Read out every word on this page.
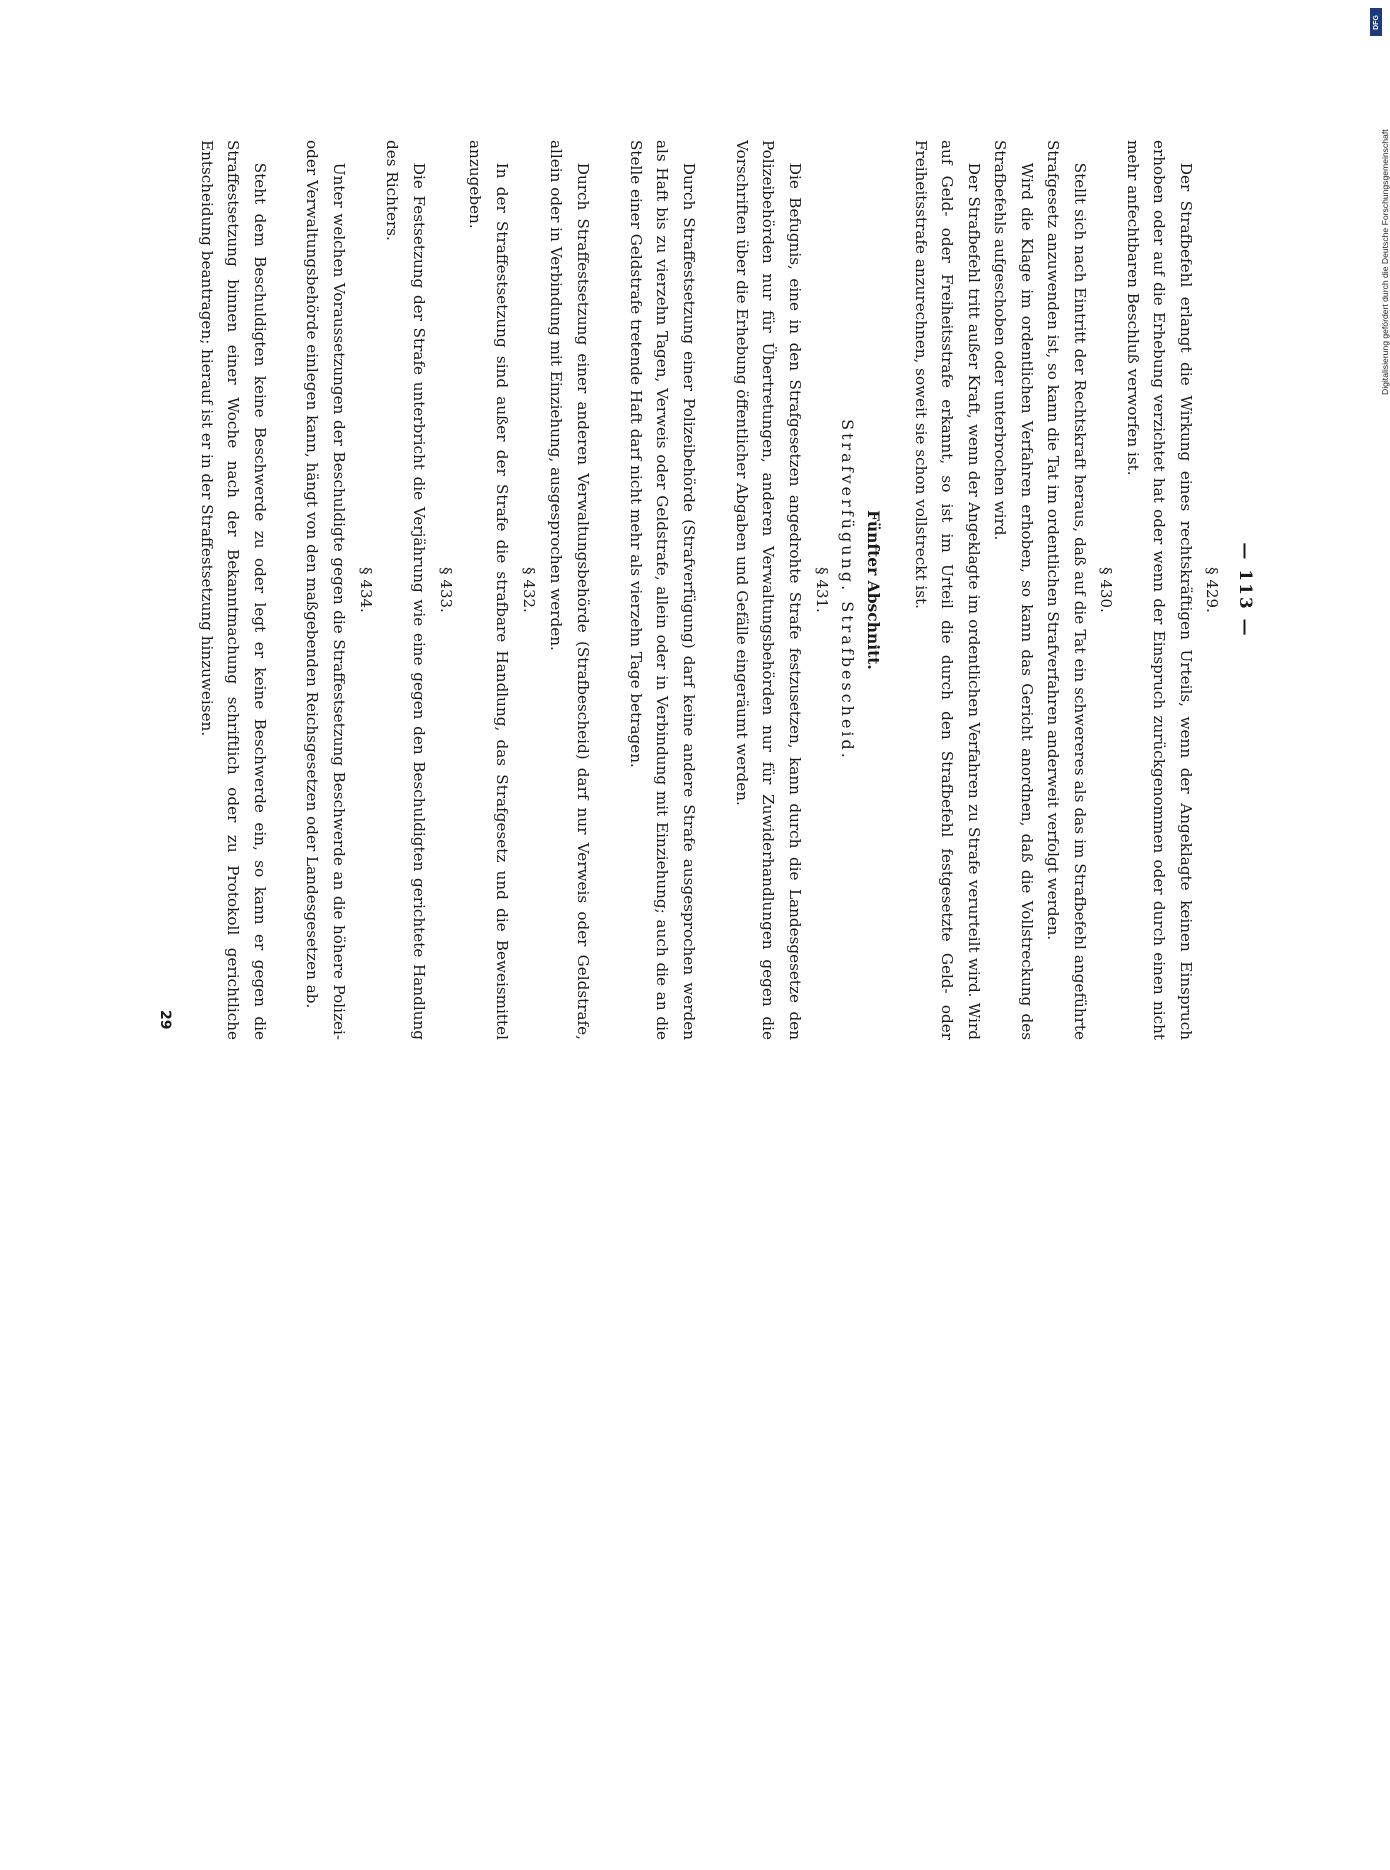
— 113 —
§ 429.
Der Strafbefehl erlangt die Wirkung eines rechtskräftigen Urteils, wenn der Angeklagte keinen Einspruch erhoben oder auf die Erhebung verzichtet hat oder wenn der Einspruch zurückgenommen oder durch einen nicht mehr anfechtbaren Beschluß verworfen ist.
§ 430.
Stellt sich nach Eintritt der Rechtskraft heraus, daß auf die Tat ein schwereres als das im Strafbefehl angeführte Strafgesetz anzuwenden ist, so kann die Tat im ordentlichen Strafverfahren anderweit verfolgt werden.
Wird die Klage im ordentlichen Verfahren erhoben, so kann das Gericht anordnen, daß die Vollstreckung des Strafbefehls aufgeschoben oder unterbrochen wird.
Der Strafbefehl tritt außer Kraft, wenn der Angeklagte im ordentlichen Verfahren zu Strafe verurteilt wird. Wird auf Geld- oder Freiheitsstrafe erkannt, so ist im Urteil die durch den Strafbefehl festgesetzte Geld- oder Freiheitsstrafe anzurechnen, soweit sie schon vollstreckt ist.
Fünfter Abschnitt.
Strafverfügung. Strafbescheid.
§ 431.
Die Befugnis, eine in den Strafgesetzen angedrohte Strafe festzusetzen, kann durch die Landesgesetze den Polizeibehörden nur für Übertretungen, anderen Verwaltungsbehörden nur für Zuwiderhandlungen gegen die Vorschriften über die Erhebung öffentlicher Abgaben und Gefälle eingeräumt werden.
Durch Straffestsetzung einer Polizeibehörde (Strafverfügung) darf keine andere Strafe ausgesprochen werden als Haft bis zu vierzehn Tagen, Verweis oder Geldstrafe, allein oder in Verbindung mit Einziehung; auch die an die Stelle einer Geldstrafe tretende Haft darf nicht mehr als vierzehn Tage betragen.
Durch Straffestsetzung einer anderen Verwaltungsbehörde (Strafbescheid) darf nur Verweis oder Geldstrafe, allein oder in Verbindung mit Einziehung, ausgesprochen werden.
§ 432.
In der Straffestsetzung sind außer der Strafe die strafbare Handlung, das Strafgesetz und die Beweismittel anzugeben.
§ 433.
Die Festsetzung der Strafe unterbricht die Verjährung wie eine gegen den Beschuldigten gerichtete Handlung des Richters.
§ 434.
Unter welchen Voraussetzungen der Beschuldigte gegen die Straffestsetzung Beschwerde an die höhere Polizei- oder Verwaltungsbehörde einlegen kann, hängt von den maßgebenden Reichsgesetzen oder Landesgesetzen ab.
Steht dem Beschuldigten keine Beschwerde zu oder legt er keine Beschwerde ein, so kann er gegen die Straffestsetzung binnen einer Woche nach der Bekanntmachung schriftlich oder zu Protokoll gerichtliche Entscheidung beantragen; hierauf ist er in der Straffestsetzung hinzuweisen.
29
DFG
Digitalisierung gefördert durch die Deutsche Forschungsgemeinschaft
